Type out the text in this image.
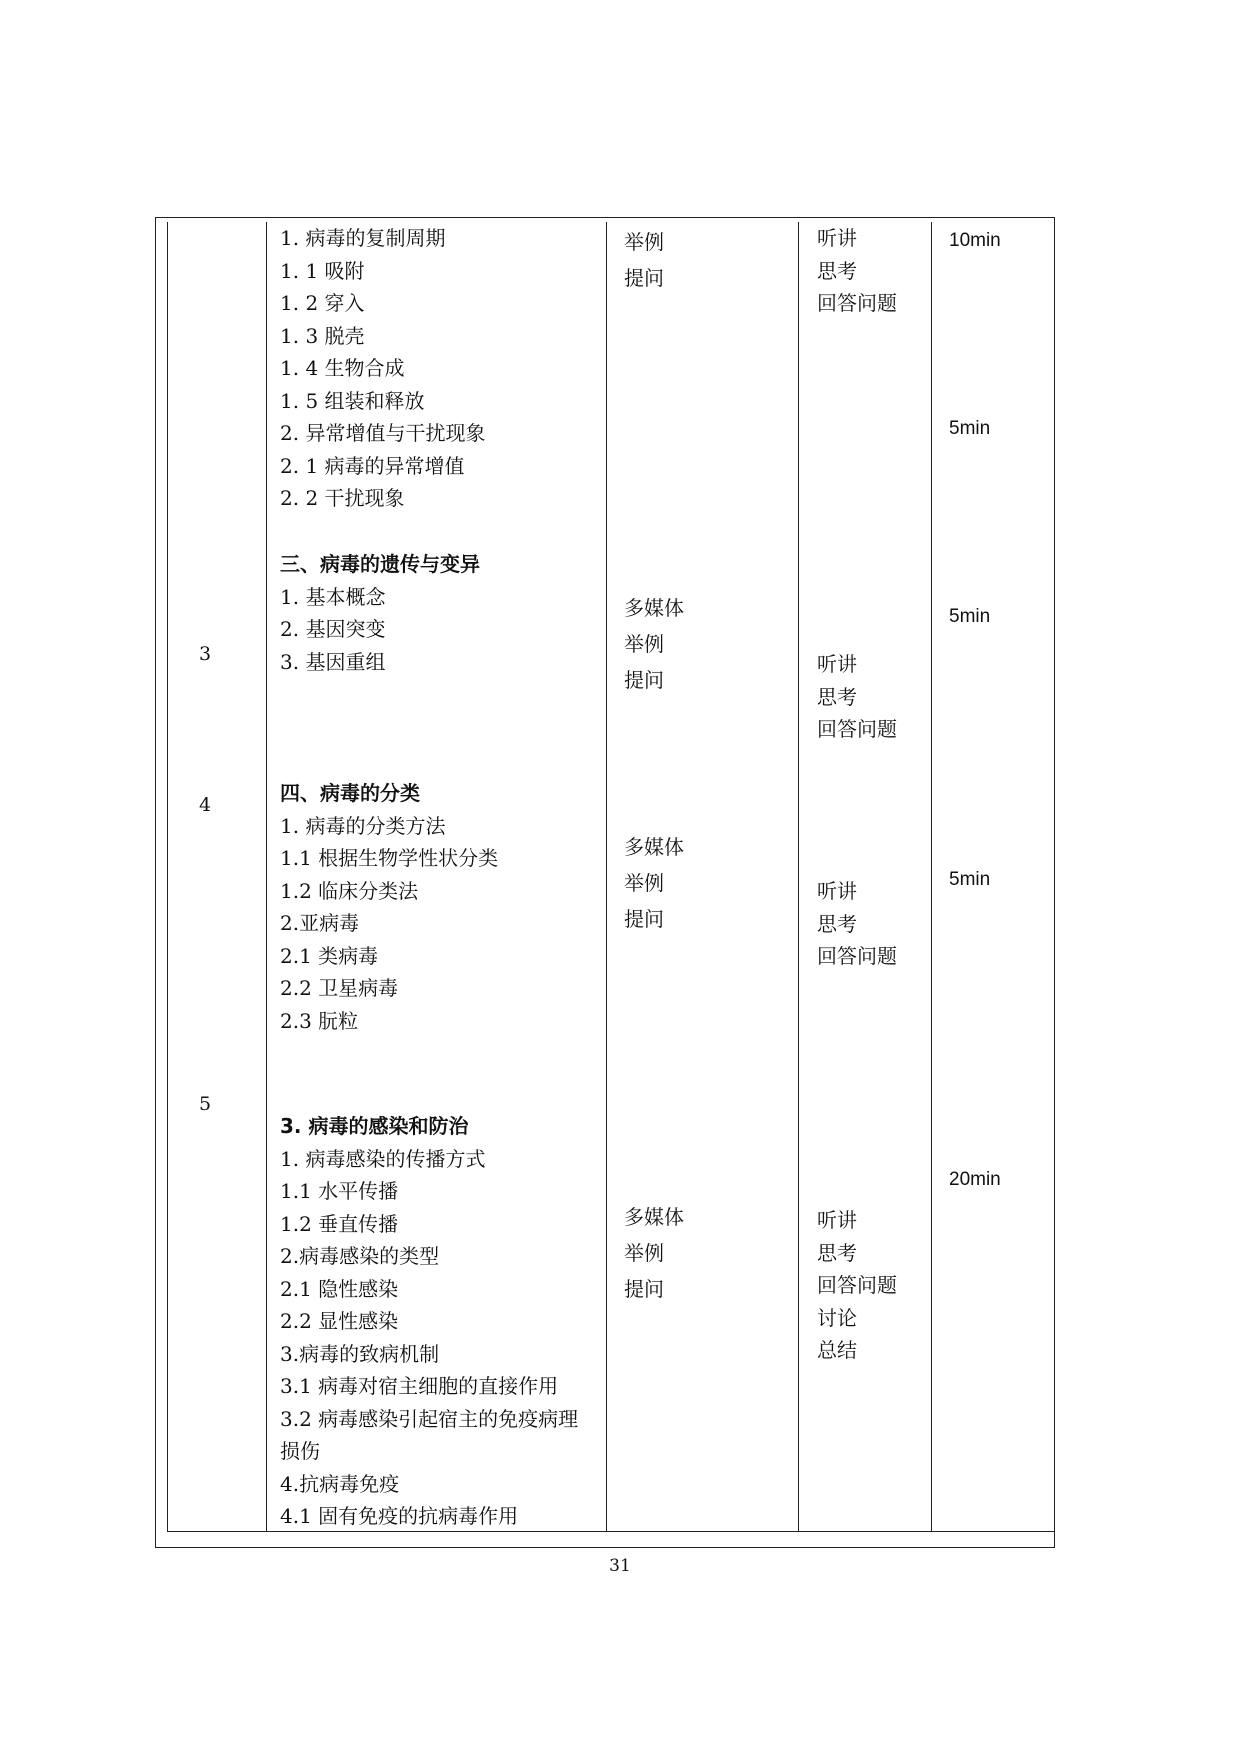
3
4
5
1. 病毒的复制周期
1. 1 吸附
1. 2 穿入
1. 3 脱壳
1. 4 生物合成
1. 5 组装和释放
2. 异常增值与干扰现象
2. 1 病毒的异常增值
2. 2 干扰现象
三、病毒的遗传与变异
1. 基本概念
2. 基因突变
3. 基因重组
四、病毒的分类
1. 病毒的分类方法
1.1 根据生物学性状分类
1.2 临床分类法
2.亚病毒
2.1 类病毒
2.2 卫星病毒
2.3 朊粒
3. 病毒的感染和防治
1. 病毒感染的传播方式
1.1 水平传播
1.2 垂直传播
2.病毒感染的类型
2.1 隐性感染
2.2 显性感染
3.病毒的致病机制
3.1 病毒对宿主细胞的直接作用
3.2 病毒感染引起宿主的免疫病理
损伤
4.抗病毒免疫
4.1 固有免疫的抗病毒作用
举例
提问
多媒体
举例
提问
多媒体
举例
提问
多媒体
举例
提问
听讲
思考
回答问题
听讲
思考
回答问题
听讲
思考
回答问题
听讲
思考
回答问题
讨论
总结
10min
5min
5min
5min
20min
31
